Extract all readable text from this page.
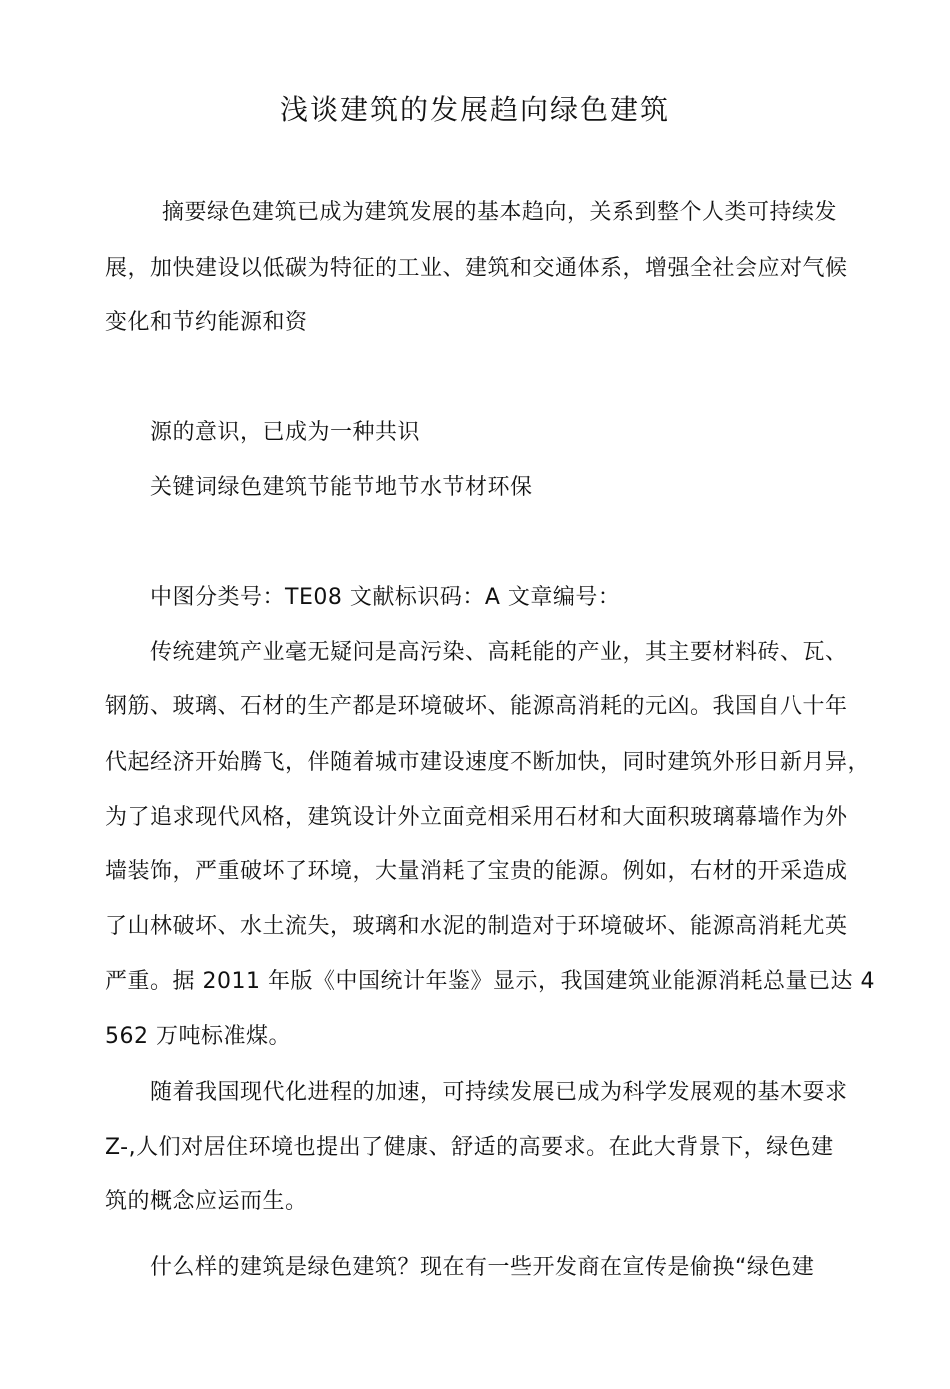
浅谈建筑的发展趋向绿色建筑
摘要绿色建筑已成为建筑发展的基本趋向，关系到整个人类可持续发
展，加快建设以低碳为特征的工业、建筑和交通体系，增强全社会应对气候
变化和节约能源和资
源的意识，已成为一种共识
关键词绿色建筑节能节地节水节材环保
中图分类号：TE08 文献标识码：A 文章编号：
传统建筑产业毫无疑问是高污染、高耗能的产业，其主要材料砖、瓦、
钢筋、玻璃、石材的生产都是环境破坏、能源高消耗的元凶。我国自八十年
代起经济开始腾飞，伴随着城市建设速度不断加快，同时建筑外形日新月异，
为了追求现代风格，建筑设计外立面竞相采用石材和大面积玻璃幕墙作为外
墙装饰，严重破坏了环境，大量消耗了宝贵的能源。例如，右材的开采造成
了山林破坏、水土流失，玻璃和水泥的制造对于环境破坏、能源高消耗尤英
严重。据 2011 年版《中国统计年鉴》显示，我国建筑业能源消耗总量已达 4
562 万吨标准煤。
随着我国现代化进程的加速，可持续发展已成为科学发展观的基木耍求
Z-,人们对居住环境也提出了健康、舒适的高要求。在此大背景下，绿色建
筑的概念应运而生。
什么样的建筑是绿色建筑？现在有一些开发商在宣传是偷换“绿色建
